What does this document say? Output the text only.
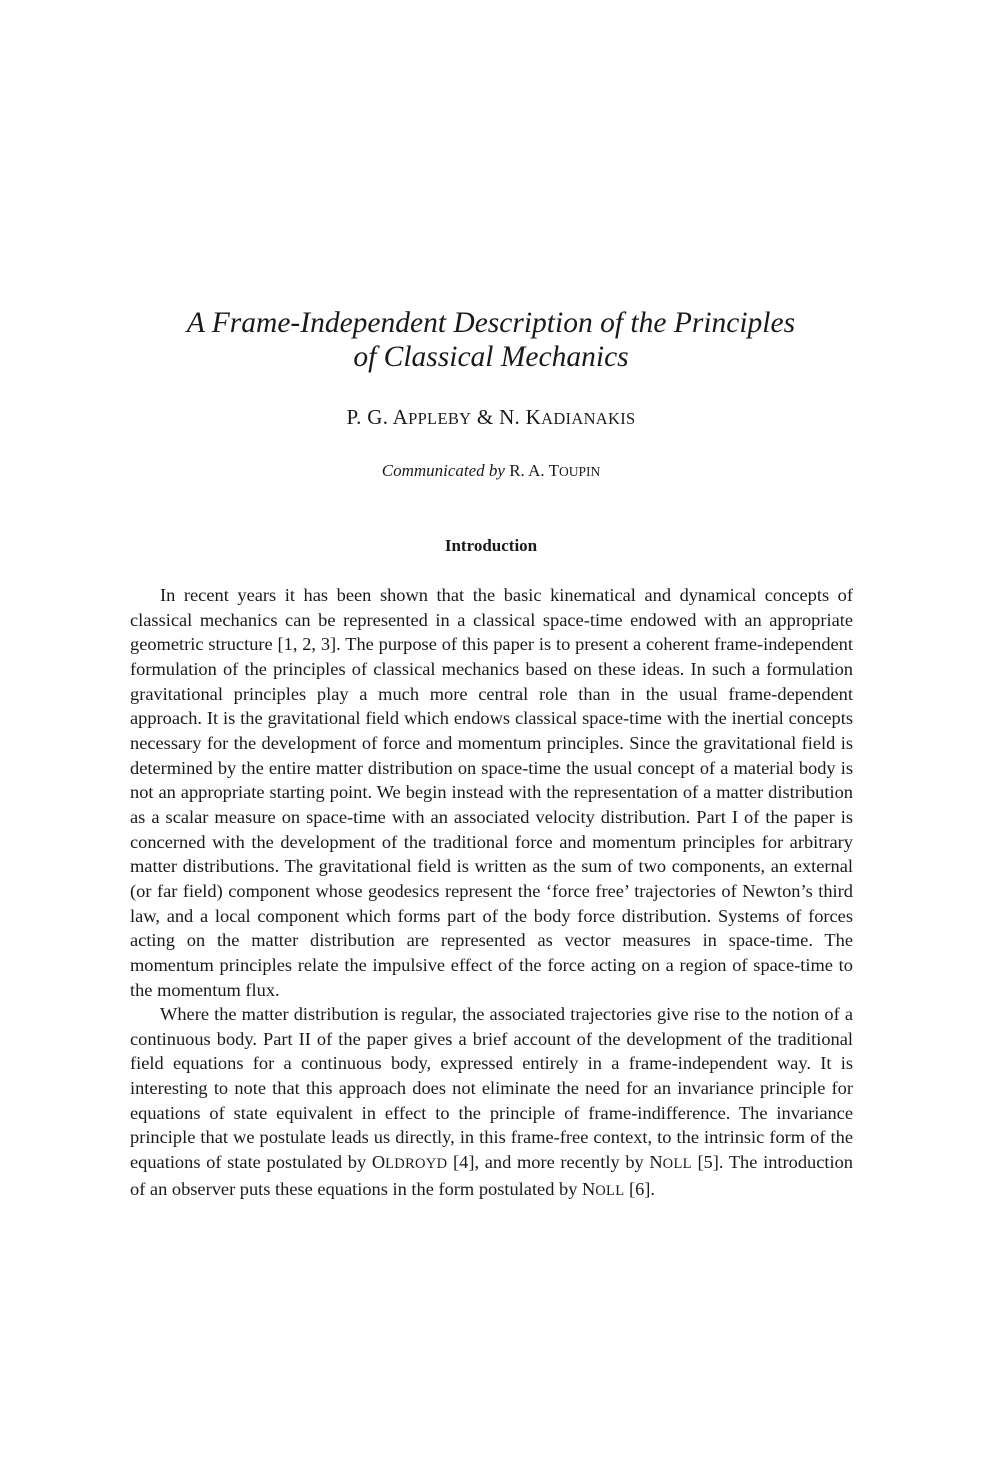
A Frame-Independent Description of the Principles
of Classical Mechanics

P. G. APPLEBY & N. KADIANAKIS

Communicated by R. A. TOUPIN

Introduction

In recent years it has been shown that the basic kinematical and dynamical concepts of classical mechanics can be represented in a classical space-time endowed with an appropriate geometric structure [1, 2, 3]. The purpose of this paper is to present a coherent frame-independent formulation of the principles of classical mechanics based on these ideas. In such a formulation gravitational principles play a much more central role than in the usual frame-dependent approach. It is the gravitational field which endows classical space-time with the inertial concepts necessary for the development of force and momentum principles. Since the gravitational field is determined by the entire matter distribution on space-time the usual concept of a material body is not an appropriate starting point. We begin instead with the representation of a matter distribution as a scalar measure on space-time with an associated velocity distribution. Part I of the paper is concerned with the development of the traditional force and momentum principles for arbitrary matter distributions. The gravitational field is written as the sum of two components, an external (or far field) component whose geodesics represent the ‘force free’ trajectories of Newton’s third law, and a local component which forms part of the body force distribution. Systems of forces acting on the matter distribution are represented as vector measures in space-time. The momentum principles relate the impulsive effect of the force acting on a region of space-time to the momentum flux.

Where the matter distribution is regular, the associated trajectories give rise to the notion of a continuous body. Part II of the paper gives a brief account of the development of the traditional field equations for a continuous body, expressed entirely in a frame-independent way. It is interesting to note that this approach does not eliminate the need for an invariance principle for equations of state equivalent in effect to the principle of frame-indifference. The invariance principle that we postulate leads us directly, in this frame-free context, to the intrinsic form of the equations of state postulated by OLDROYD [4], and more recently by NOLL [5]. The introduction of an observer puts these equations in the form postulated by NOLL [6].
